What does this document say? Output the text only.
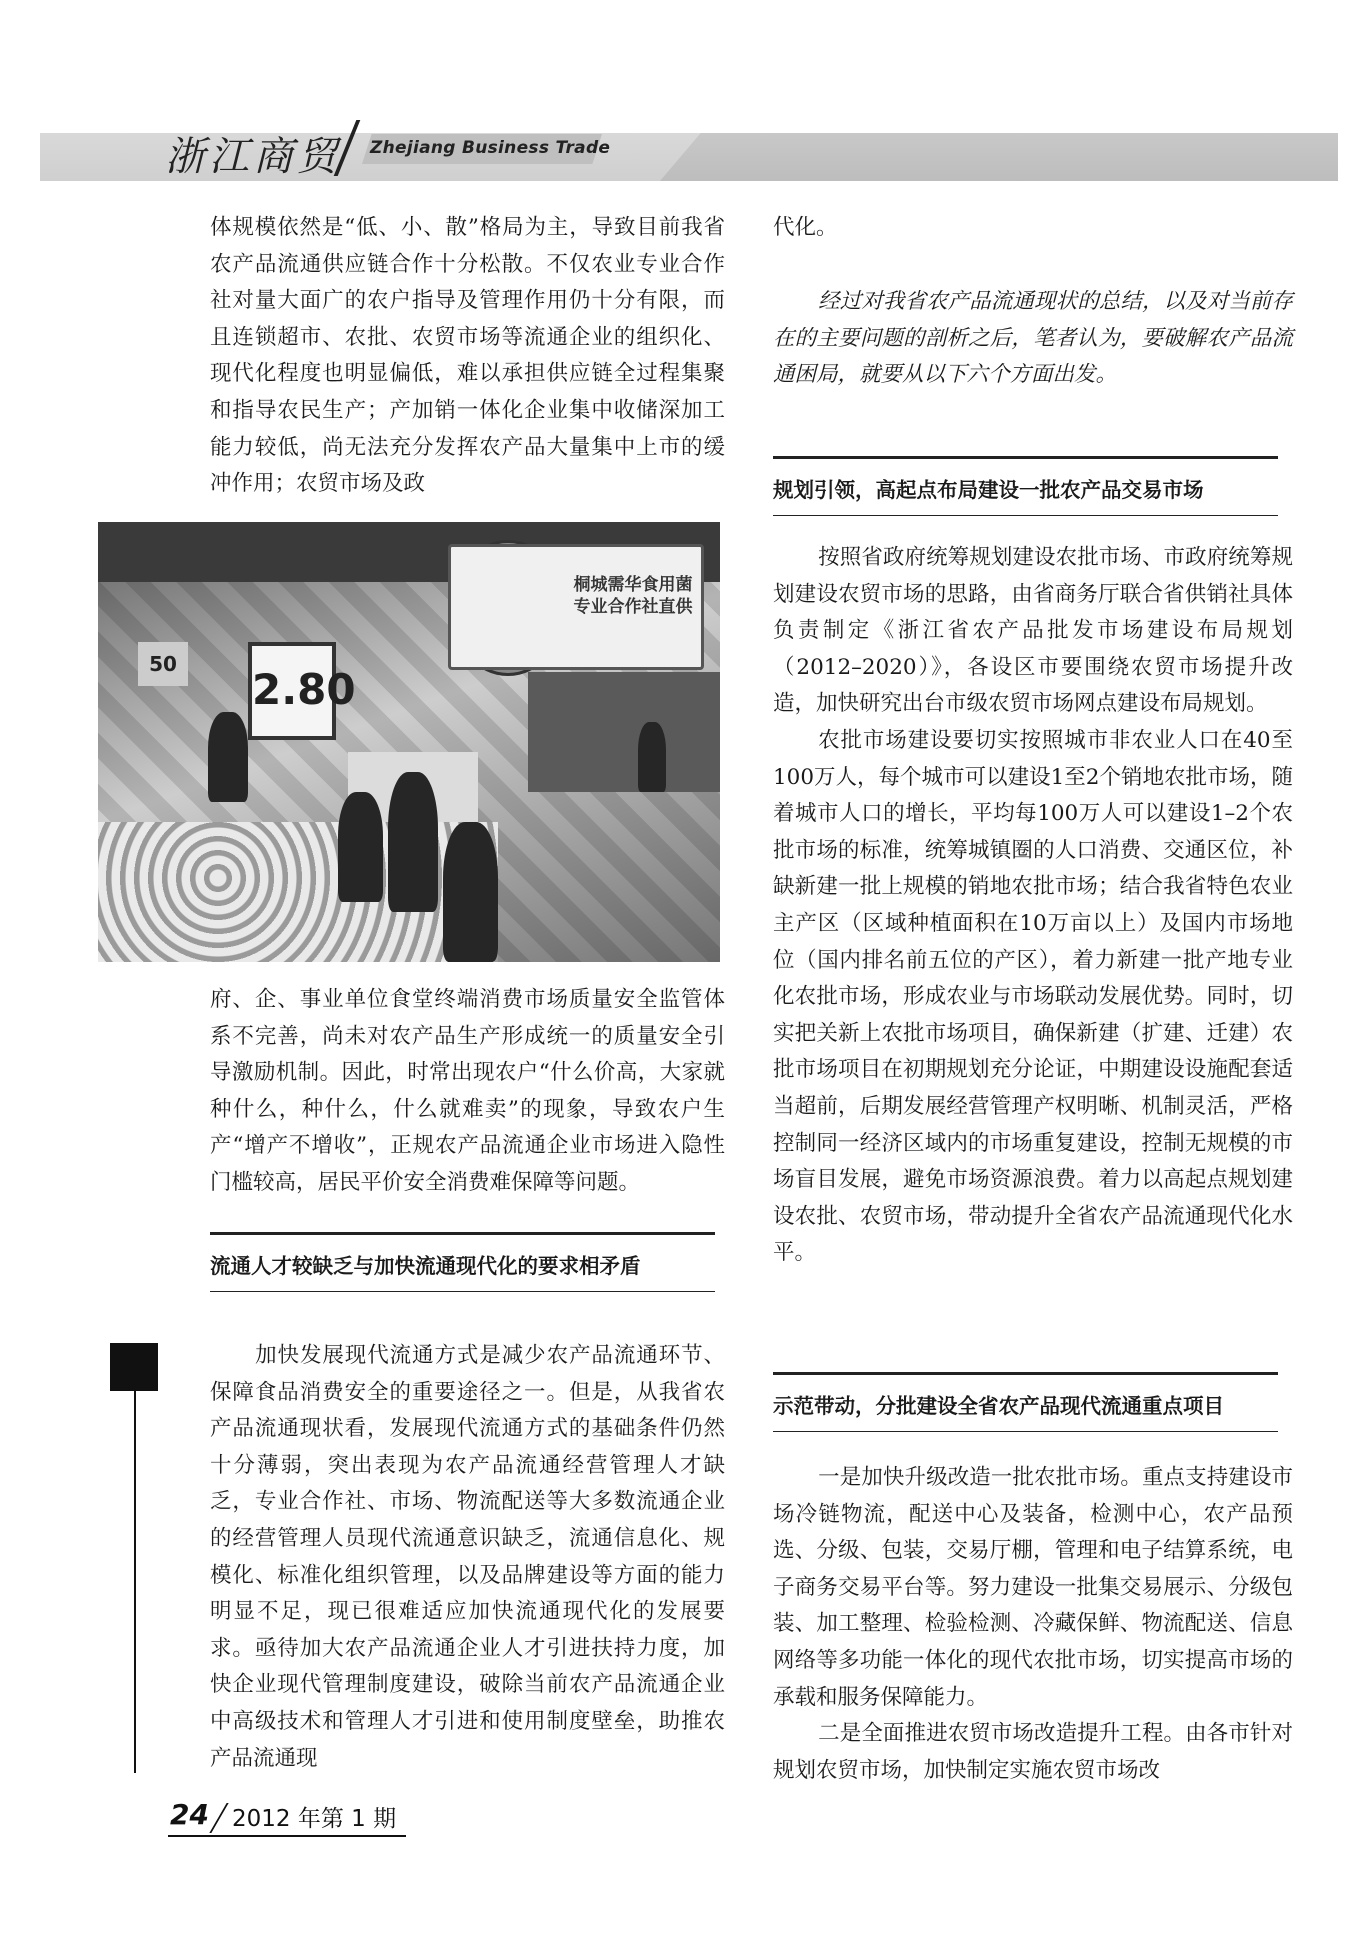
浙江商贸 Zhejiang Business Trade

体规模依然是“低、小、散”格局为主，导致目前我省农产品流通供应链合作十分松散。不仅农业专业合作社对量大面广的农户指导及管理作用仍十分有限，而且连锁超市、农批、农贸市场等流通企业的组织化、现代化程度也明显偏低，难以承担供应链全过程集聚和指导农民生产；产加销一体化企业集中收储深加工能力较低，尚无法充分发挥农产品大量集中上市的缓冲作用；农贸市场及政

桐城需华食用菌专业合作社直供
50
2.80

府、企、事业单位食堂终端消费市场质量安全监管体系不完善，尚未对农产品生产形成统一的质量安全引导激励机制。因此，时常出现农户“什么价高，大家就种什么，种什么，什么就难卖”的现象，导致农户生产“增产不增收”，正规农产品流通企业市场进入隐性门槛较高，居民平价安全消费难保障等问题。

流通人才较缺乏与加快流通现代化的要求相矛盾

加快发展现代流通方式是减少农产品流通环节、保障食品消费安全的重要途径之一。但是，从我省农产品流通现状看，发展现代流通方式的基础条件仍然十分薄弱，突出表现为农产品流通经营管理人才缺乏，专业合作社、市场、物流配送等大多数流通企业的经营管理人员现代流通意识缺乏，流通信息化、规模化、标准化组织管理，以及品牌建设等方面的能力明显不足，现已很难适应加快流通现代化的发展要求。亟待加大农产品流通企业人才引进扶持力度，加快企业现代管理制度建设，破除当前农产品流通企业中高级技术和管理人才引进和使用制度壁垒，助推农产品流通现

代化。

经过对我省农产品流通现状的总结，以及对当前存在的主要问题的剖析之后，笔者认为，要破解农产品流通困局，就要从以下六个方面出发。

规划引领，高起点布局建设一批农产品交易市场

按照省政府统筹规划建设农批市场、市政府统筹规划建设农贸市场的思路，由省商务厅联合省供销社具体负责制定《浙江省农产品批发市场建设布局规划（2012–2020）》，各设区市要围绕农贸市场提升改造，加快研究出台市级农贸市场网点建设布局规划。

农批市场建设要切实按照城市非农业人口在40至100万人，每个城市可以建设1至2个销地农批市场，随着城市人口的增长，平均每100万人可以建设1–2个农批市场的标准，统筹城镇圈的人口消费、交通区位，补缺新建一批上规模的销地农批市场；结合我省特色农业主产区（区域种植面积在10万亩以上）及国内市场地位（国内排名前五位的产区），着力新建一批产地专业化农批市场，形成农业与市场联动发展优势。同时，切实把关新上农批市场项目，确保新建（扩建、迁建）农批市场项目在初期规划充分论证，中期建设设施配套适当超前，后期发展经营管理产权明晰、机制灵活，严格控制同一经济区域内的市场重复建设，控制无规模的市场盲目发展，避免市场资源浪费。着力以高起点规划建设农批、农贸市场，带动提升全省农产品流通现代化水平。

示范带动，分批建设全省农产品现代流通重点项目

一是加快升级改造一批农批市场。重点支持建设市场冷链物流，配送中心及装备，检测中心，农产品预选、分级、包装，交易厅棚，管理和电子结算系统，电子商务交易平台等。努力建设一批集交易展示、分级包装、加工整理、检验检测、冷藏保鲜、物流配送、信息网络等多功能一体化的现代农批市场，切实提高市场的承载和服务保障能力。

二是全面推进农贸市场改造提升工程。由各市针对规划农贸市场，加快制定实施农贸市场改

24 2012 年第 1 期
